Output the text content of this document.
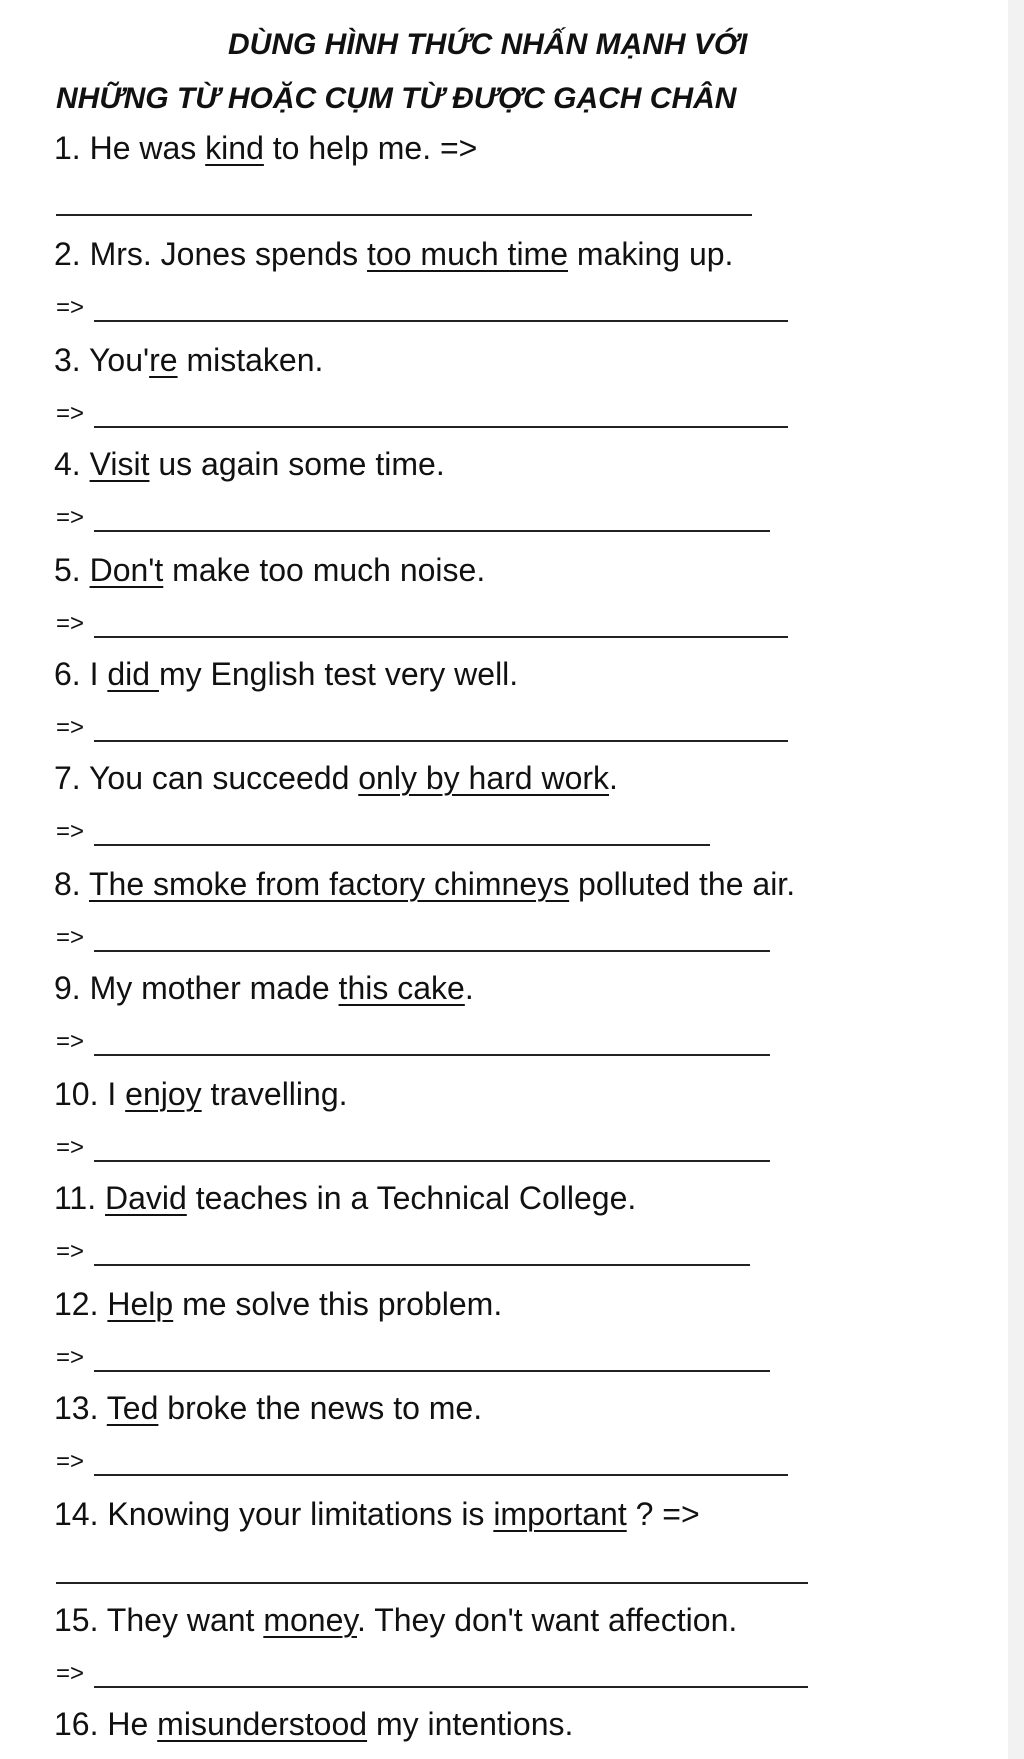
DÙNG HÌNH THỨC NHẤN MẠNH VỚI
NHỮNG TỪ HOẶC CỤM TỪ ĐƯỢC GẠCH CHÂN
1. He was kind to help me. =>
2. Mrs. Jones spends too much time making up.
=>
3. You're mistaken.
=>
4. Visit us again some time.
=>
5. Don't make too much noise.
=>
6. I did my English test very well.
=>
7. You can succeedd only by hard work.
=>
8. The smoke from factory chimneys polluted the air.
=>
9. My mother made this cake.
=>
10. I enjoy travelling.
=>
11. David teaches in a Technical College.
=>
12. Help me solve this problem.
=>
13. Ted broke the news to me.
=>
14. Knowing your limitations is important ? =>
15. They want money. They don't want affection.
=>
16. He misunderstood my intentions.
